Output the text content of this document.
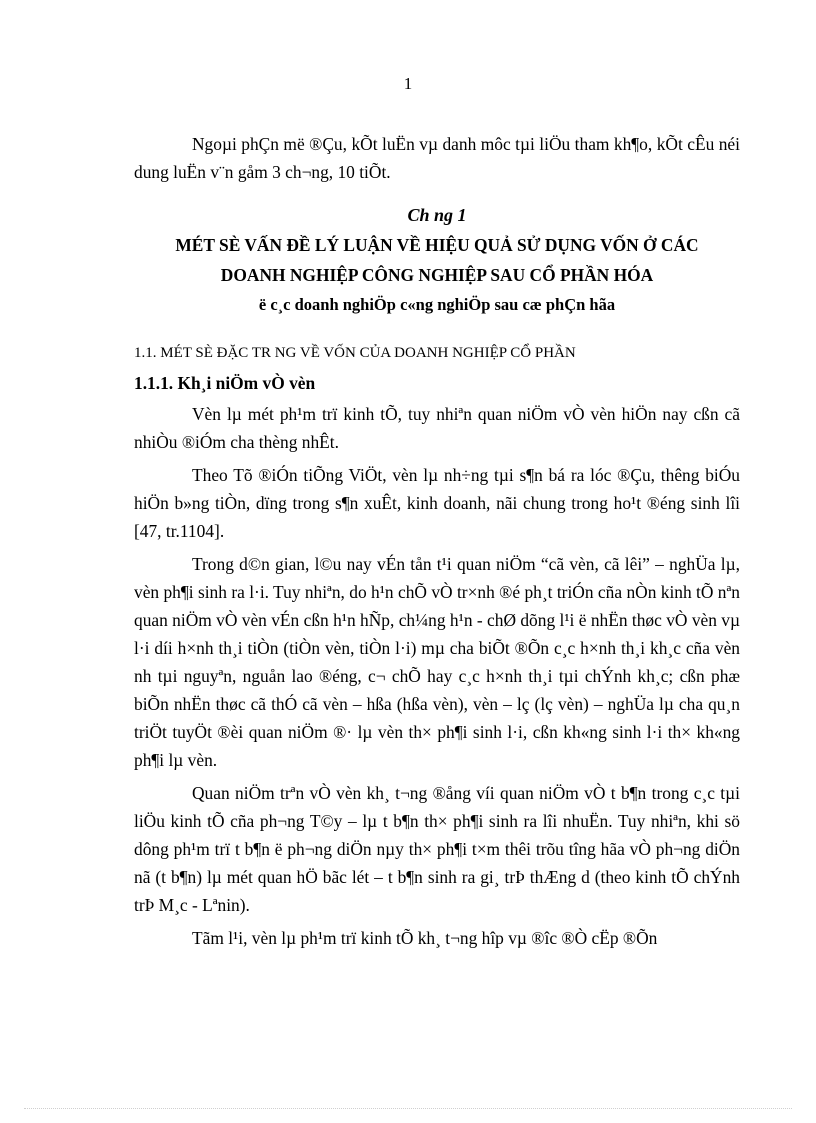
1

Ngoµi phÇn më ®Çu, kÕt luËn vµ danh môc tµi liÖu tham kh¶o, kÕt cÊu néi dung luËn v¨n gåm 3 ch¬ng, 10 tiÕt.

Ch ng 1

MÉT SÈ VẤN ĐỀ LÝ LUẬN VỀ HIỆU QUẢ SỬ DỤNG VỐN Ở CÁC

DOANH NGHIỆP CÔNG NGHIỆP SAU CỔ PHẦN HÓA

ë c¸c doanh nghiÖp c«ng nghiÖp sau cæ phÇn hãa

1.1. MÉT SÈ ĐẶC TR NG VỀ VỐN CỦA DOANH NGHIỆP CỔ PHẦN

1.1.1. Kh¸i niÖm vÒ vèn

Vèn lµ mét ph¹m trï kinh tÕ, tuy nhiªn quan niÖm vÒ vèn hiÖn nay cßn cã nhiÒu ®iÓm cha thèng nhÊt.

Theo Tõ ®iÓn tiÕng ViÖt, vèn lµ nh÷ng tµi s¶n bá ra lóc ®Çu, thêng biÓu hiÖn b»ng tiÒn, dïng trong s¶n xuÊt, kinh doanh, nãi chung trong ho¹t ®éng sinh lîi [47, tr.1104].

Trong d©n gian, l©u nay vÉn tån t¹i quan niÖm “cã vèn, cã lêi” – nghÜa lµ, vèn ph¶i sinh ra l·i. Tuy nhiªn, do h¹n chÕ vÒ tr×nh ®é ph¸t triÓn cña nÒn kinh tÕ nªn quan niÖm vÒ vèn vÉn cßn h¹n hÑp, ch¼ng h¹n - chØ dõng l¹i ë nhËn thøc vÒ vèn vµ l·i díi h×nh th¸i tiÒn (tiÒn vèn, tiÒn l·i) mµ cha biÕt ®Õn c¸c h×nh th¸i kh¸c cña vèn nh tµi nguyªn, nguån lao ®éng, c¬ chÕ hay c¸c h×nh th¸i tµi chÝnh kh¸c; cßn phæ biÕn nhËn thøc cã thÓ cã vèn – hßa (hßa vèn), vèn – lç (lç vèn) – nghÜa lµ cha qu¸n triÖt tuyÖt ®èi quan niÖm ®· lµ vèn th× ph¶i sinh l·i, cßn kh«ng sinh l·i th× kh«ng ph¶i lµ vèn.

Quan niÖm trªn vÒ vèn kh¸ t¬ng ®ång víi quan niÖm vÒ t b¶n trong c¸c tµi liÖu kinh tÕ cña ph¬ng T©y – lµ t b¶n th× ph¶i sinh ra lîi nhuËn. Tuy nhiªn, khi sö dông ph¹m trï t b¶n ë ph¬ng diÖn nµy th× ph¶i t×m thêi trõu tîng hãa vÒ ph¬ng diÖn nã (t b¶n) lµ mét quan hÖ bãc lét – t b¶n sinh ra gi¸ trÞ thÆng d (theo kinh tÕ chÝnh trÞ M¸c - Lªnin).

Tãm l¹i, vèn lµ ph¹m trï kinh tÕ kh¸ t¬ng hîp vµ ®îc ®Ò cËp ®Õn
